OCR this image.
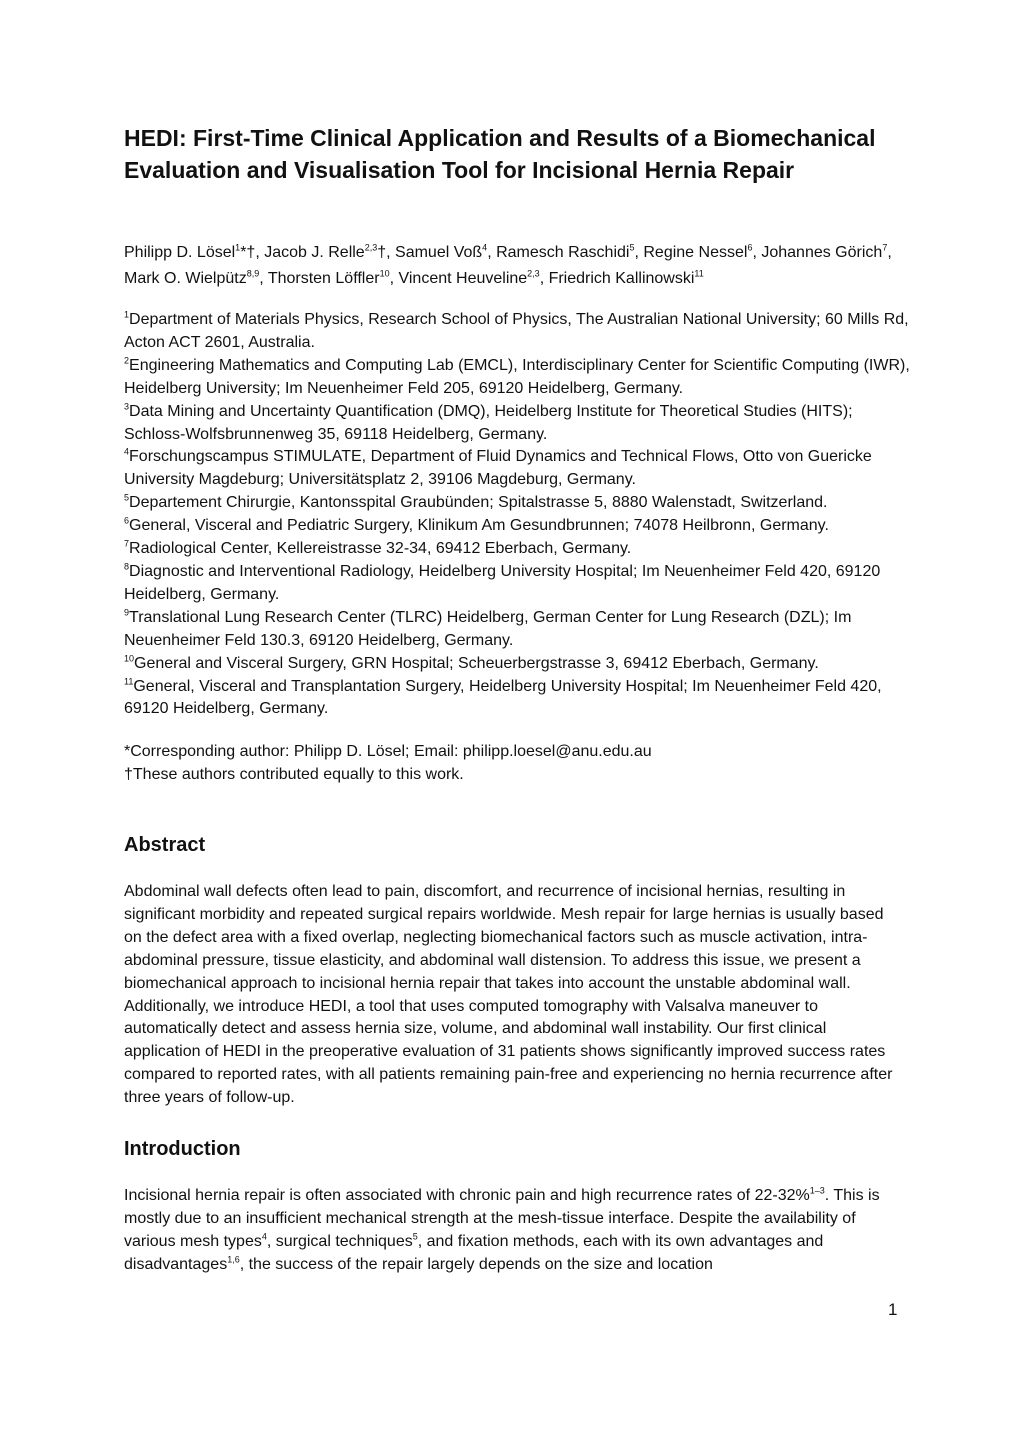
HEDI: First-Time Clinical Application and Results of a Biomechanical Evaluation and Visualisation Tool for Incisional Hernia Repair
Philipp D. Lösel$^1$*†, Jacob J. Relle$^{2,3}$†, Samuel Voß$^4$, Ramesch Raschidi$^5$, Regine Nessel$^6$, Johannes Görich$^7$, Mark O. Wielpütz$^{8,9}$, Thorsten Löffler$^{10}$, Vincent Heuveline$^{2,3}$, Friedrich Kallinowski$^{11}$

$^1$Department of Materials Physics, Research School of Physics, The Australian National University; 60 Mills Rd, Acton ACT 2601, Australia.

$^2$Engineering Mathematics and Computing Lab (EMCL), Interdisciplinary Center for Scientific Computing (IWR), Heidelberg University; Im Neuenheimer Feld 205, 69120 Heidelberg, Germany.

$^3$Data Mining and Uncertainty Quantification (DMQ), Heidelberg Institute for Theoretical Studies (HITS); Schloss-Wolfsbrunnenweg 35, 69118 Heidelberg, Germany.

$^4$Forschungscampus STIMULATE, Department of Fluid Dynamics and Technical Flows, Otto von Guericke University Magdeburg; Universitätsplatz 2, 39106 Magdeburg, Germany.

$^5$Departement Chirurgie, Kantonsspital Graubünden; Spitalstrasse 5, 8880 Walenstadt, Switzerland.

$^6$General, Visceral and Pediatric Surgery, Klinikum Am Gesundbrunnen; 74078 Heilbronn, Germany.

$^7$Radiological Center, Kellereistrasse 32-34, 69412 Eberbach, Germany.

$^8$Diagnostic and Interventional Radiology, Heidelberg University Hospital; Im Neuenheimer Feld 420, 69120 Heidelberg, Germany.

$^9$Translational Lung Research Center (TLRC) Heidelberg, German Center for Lung Research (DZL); Im Neuenheimer Feld 130.3, 69120 Heidelberg, Germany.

$^{10}$General and Visceral Surgery, GRN Hospital; Scheuerbergstrasse 3, 69412 Eberbach, Germany.

$^{11}$General, Visceral and Transplantation Surgery, Heidelberg University Hospital; Im Neuenheimer Feld 420, 69120 Heidelberg, Germany.

*Corresponding author: Philipp D. Lösel; Email: philipp.loesel@anu.edu.au

†These authors contributed equally to this work.

Abstract

Abdominal wall defects often lead to pain, discomfort, and recurrence of incisional hernias, resulting in significant morbidity and repeated surgical repairs worldwide. Mesh repair for large hernias is usually based on the defect area with a fixed overlap, neglecting biomechanical factors such as muscle activation, intra-abdominal pressure, tissue elasticity, and abdominal wall distension. To address this issue, we present a biomechanical approach to incisional hernia repair that takes into account the unstable abdominal wall. Additionally, we introduce HEDI, a tool that uses computed tomography with Valsalva maneuver to automatically detect and assess hernia size, volume, and abdominal wall instability. Our first clinical application of HEDI in the preoperative evaluation of 31 patients shows significantly improved success rates compared to reported rates, with all patients remaining pain-free and experiencing no hernia recurrence after three years of follow-up.

Introduction

Incisional hernia repair is often associated with chronic pain and high recurrence rates of 22-32%$^{1-3}$. This is mostly due to an insufficient mechanical strength at the mesh-tissue interface. Despite the availability of various mesh types$^4$, surgical techniques$^5$, and fixation methods, each with its own advantages and disadvantages$^{1,6}$, the success of the repair largely depends on the size and location

1
